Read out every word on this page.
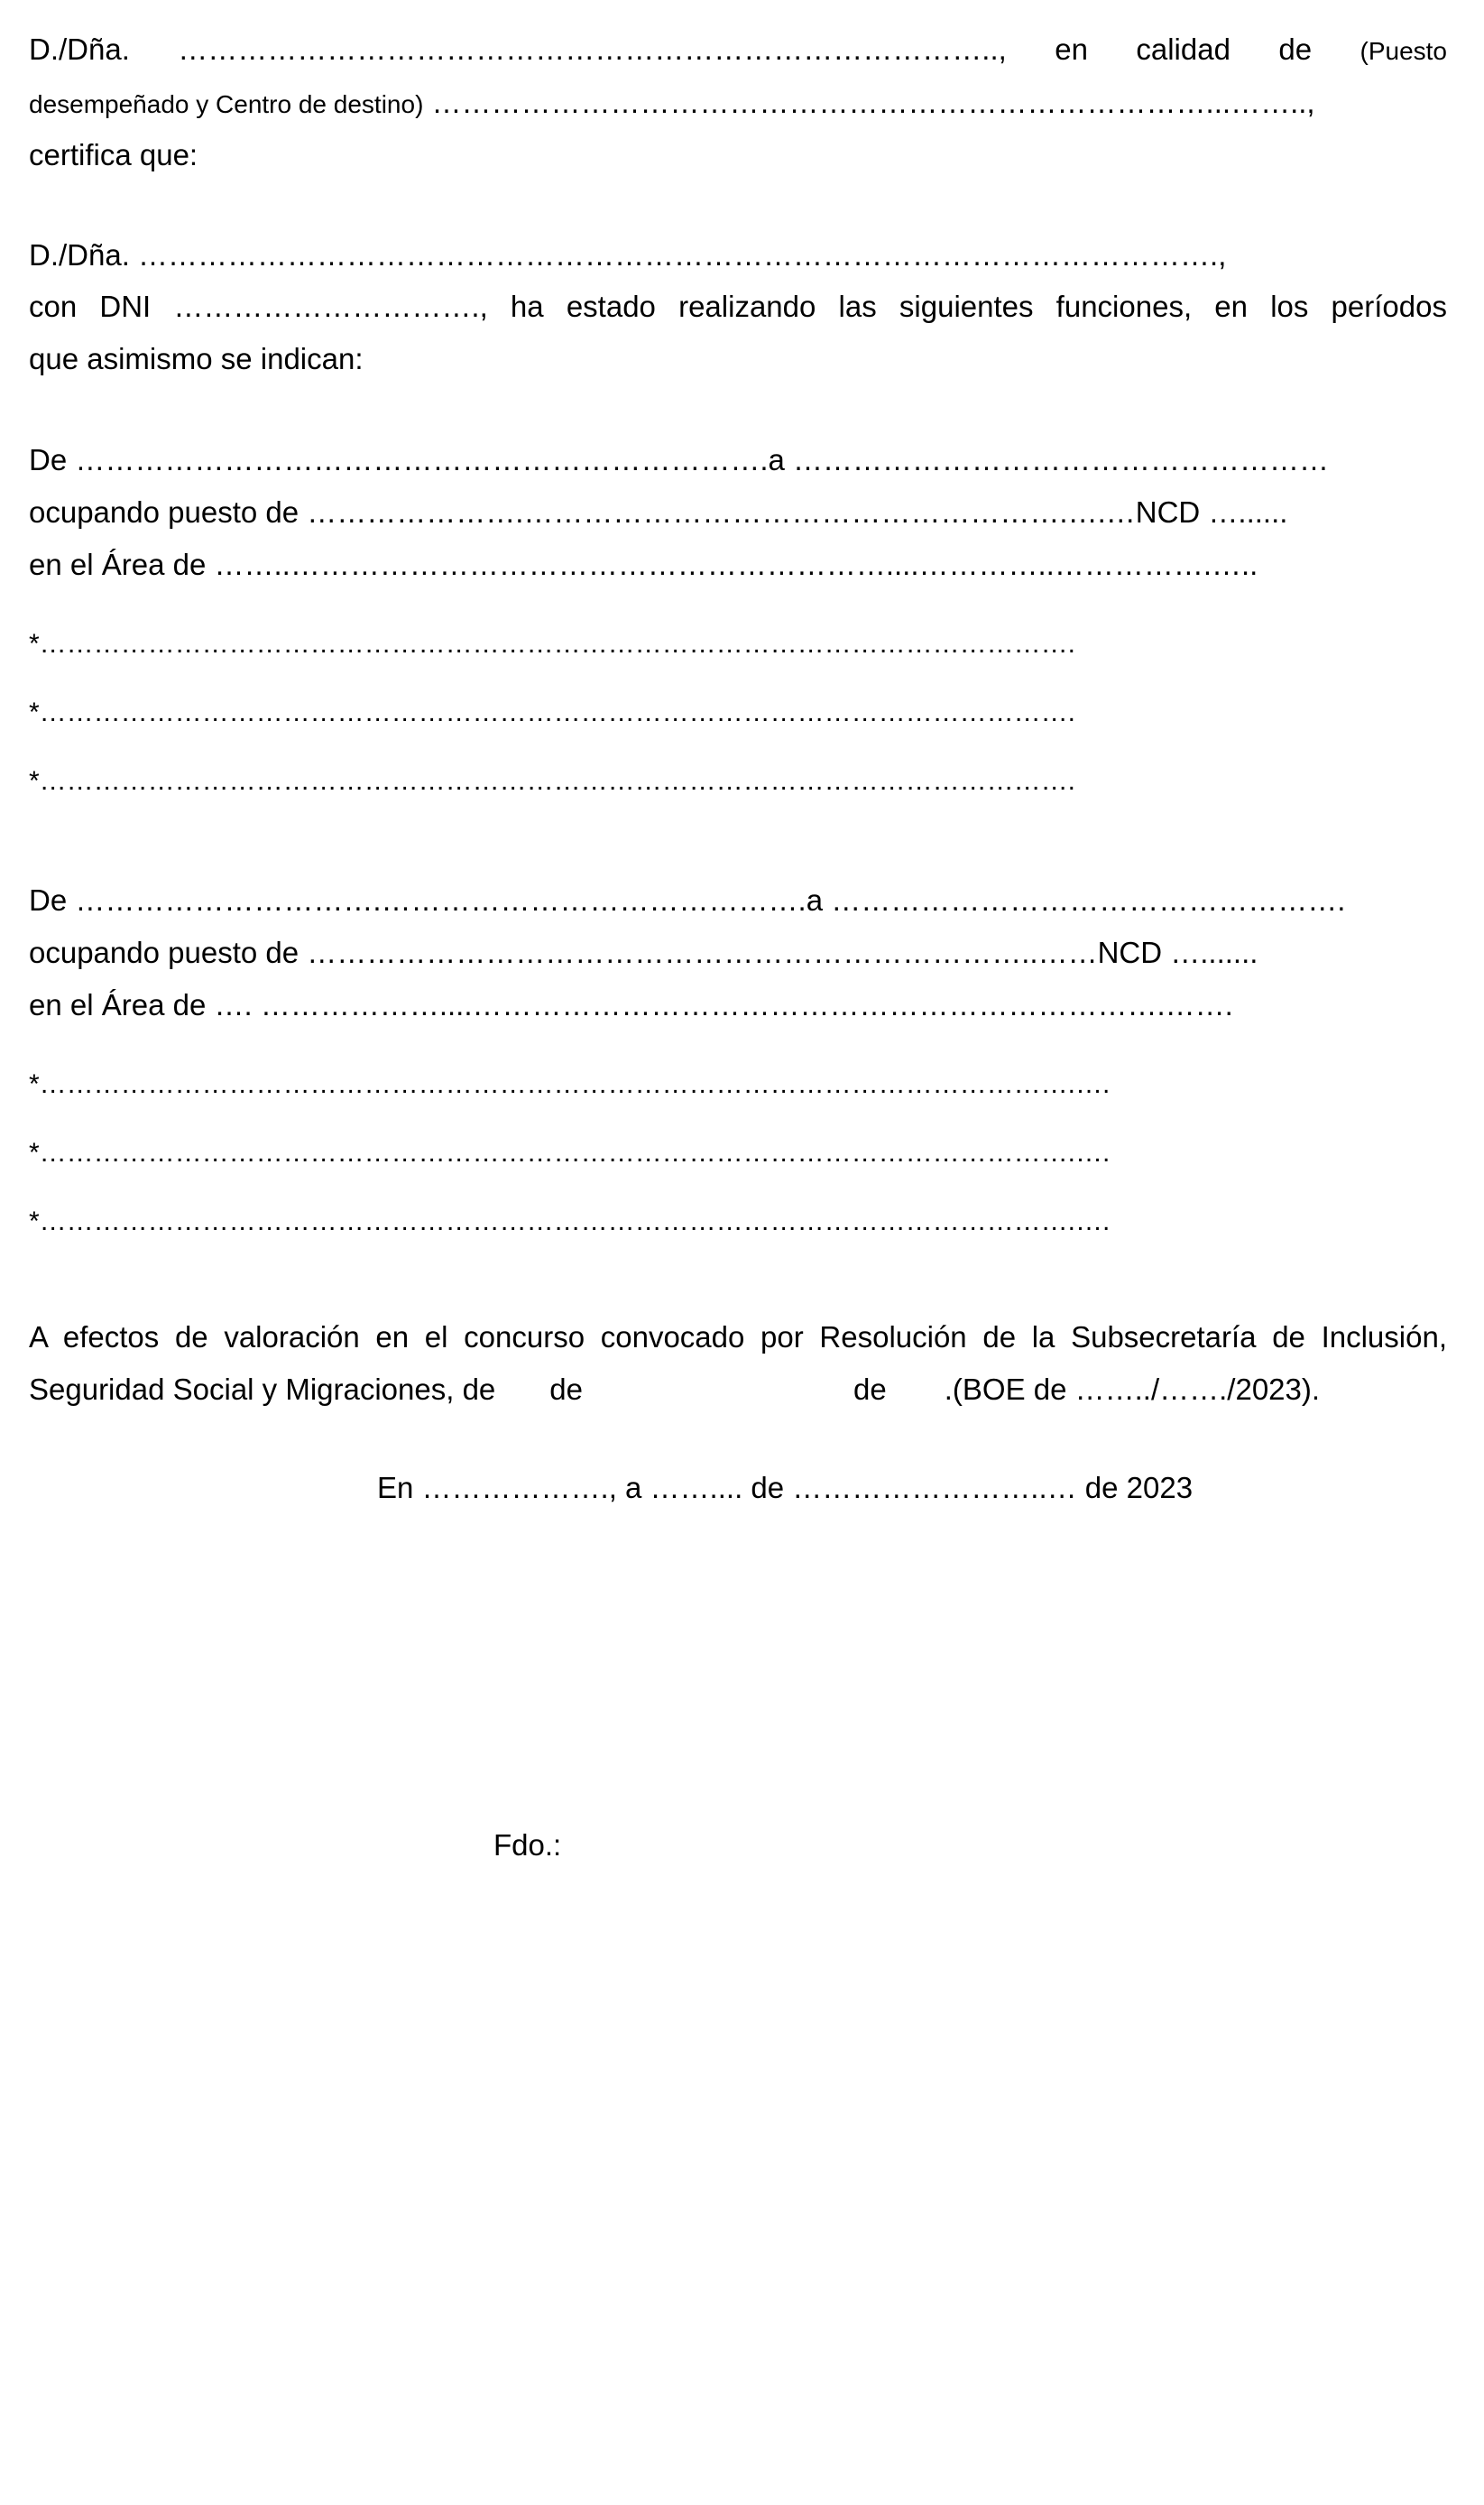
D./Dña. ……………………………………………………………………….., en calidad de (Puesto
desempeñado y Centro de destino) ……………………………………………………………………...……..,
certifica que:
D./Dña. ……………………………………………………………………………………………….,
con DNI …………………………., ha estado realizando las siguientes funciones, en los períodos
que asimismo se indican:
De …………………………………………………………….a ………………………………………………
ocupando puesto de ………………….……………………………………………….….…NCD …......
en el Área de ……..……………………………………………………....…………..…………….…..
*…………………………………………………………………………………………………….
*…………………………………………………………………………………………………….
*…………………………………………………………………………………………………….
De ………………………….…………………………………….a …………………………………………….
ocupando puesto de ………………………………………………………………..……NCD ….......
en el Área de …. ………………....…………………………………………………………….…….
*…………………………………………………………………………………………………….….
*…………………………………………………………………………………………………….….
*…………………………………………………………………………………………………….….
A efectos de valoración en el concurso convocado por Resolución de la Subsecretaría de Inclusión,
Seguridad Social y Migraciones, de de	de .(BOE de ……../……./2023).
En ………………., a …….... de ……………………..… de 2023
Fdo.:
